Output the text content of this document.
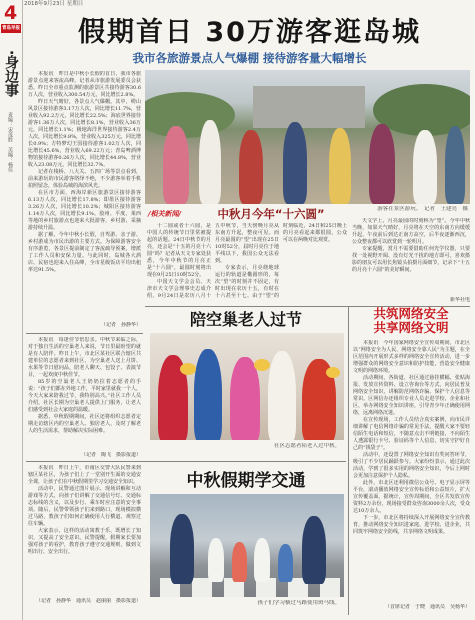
2018年9月23日 星期日
4
青岛早报
·身边事
责编：宋茂胜　美编：杨佳
假期首日 30万游客逛岛城
我市各旅游景点人气爆棚 接待游客量大幅增长

本报讯　昨日是中秋小长假的首日，我市各旅游景点迎来客流高峰。记者从市旅游发展委员会获悉，昨日全市重点监测的旅游景区共接待游客30.6万人次，营业收入300.54万元，同比增长2.8%。

昨日天气晴好，各景点人气爆棚。其中，崂山风景区接待游客3.17万人次，同比增长11.7%，营业收入92.2万元，同比增长22.5%；海底世界接待游客1.36万人次，同比增长8.1%，营业收入36万元，同比增长1.1%；极地海洋世界接待游客2.4万人次，同比增长9.8%，营业收入325万元，同比增长0.9%；方特梦幻王国接待游客1.02万人次，同比增长45.6%，营业收入69.22万元；青岛啤酒博物馆接待游客0.26万人次，同比增长44.8%，营业收入23.08万元，同比增长32.7%。

记者在栈桥、八大关、五四广场等景点看到，前来游玩的市民游客络绎不绝，不少游客举着手机拍照留念，体验岛城的海滨风光。

在区市方面，西海岸新区旅游景区接待游客6.13万人次，同比增长17.8%；即墨区接待游客3.26万人次，同比增长10.2%；城阳区接待游客1.14万人次，同比增长9.1%。胶州、平度、莱西等地的乡村旅游点也迎来大批游客，乡村游、采摘游持续升温。

据了解，今年中秋小长假，自驾游、亲子游、乡村游成为市民出游的主要方式。为保障游客安全有序游览，各景区提前制定了客流疏导预案，增派了工作人员和安保力量。与此同时，岛城各大酒店、民宿也迎来入住高峰，全市星级饭店平均出租率达91.5%。

（记者　孙静华）
游客在景区游玩。　记者　王建亮　摄
/相关新闻/	中秋月今年“十六圆”

十二圆或者十六圆，是中国人的传统节日里常被提起的话题。24日中秋节的月亮，还会是“十五的月亮十六圆”吗？记者从天文专家处获悉，今年中秋节的月亮正是“十六圆”，最圆时刻将出现在9月25日10时52分。

中国天文学会会员、天津市天文学会理事史志成介绍，9月24日是农历八月十五中秋节，当天傍晚月亮从东南方升起，整夜可见。而月亮最圆的“望”出现在25日10时52分，届时月亮位于地平线以下，我国公众无法看到。

专家表示，月亮绕地球运行的轨道是椭圆形的，每次“望”的时刻并不固定，有时出现在农历十五，有时在十六甚至十七。由于“望”的时刻临近，24日和25日晚上的月亮看起来都很圆，公众可以在两晚对比观赏。

天文学上，月亮最圆的时刻称为“望”。今年中秋当晚，如果天气晴好，月亮将在天空的东南方向缓缓升起，午夜前后到达正南方高空，后半夜逐渐西沉，公众整夜都可以欣赏到一轮明月。

专家提醒，赏月不需要借助任何光学仪器，只要找一处视野开阔、没有灯光干扰的地方即可。喜欢摄影的朋友可以用长焦镜头拍摄月面细节，记录下“十五的月亮十六圆”的美好瞬间。

新华社电
陪空巢老人过节

本报讯　每逢佳节倍思亲。中秋节来临之际，对于独自生活的空巢老人来说，节日里最盼望的就是有人陪伴。昨日上午，市北区某社区联合辖区共建单位的志愿者来到社区，为空巢老人送上月饼、水果等节日慰问品，陪老人聊天、包饺子、表演节目，一起欢度中秋佳节。

85岁的空巢老人王奶奶拉着志愿者的手说：“孩子们都在外地工作，平时家里就我一个人，今天大家来陪我过节，我特别高兴。”社区工作人员介绍，社区长期为空巢老人提供上门服务，让老人们感受到社会大家庭的温暖。

据悉，中秋假期期间，社区还将组织志愿者定期走访辖区内的空巢老人、独居老人，及时了解老人的生活需求，帮助解决实际困难。

（记者　陶飞　摄影报道）
社区志愿者陪老人过中秋。
中秋假期学交通

本报讯　昨日上午，市南区交警大队民警来到辖区某社区，为孩子们上了一堂别开生面的交通安全课，让孩子们在中秋假期里学习交通安全知识。

活动中，民警通过图片展示、现场讲解和互动游戏等方式，向孩子们讲解了交通信号灯、交通标志标线的含义，以及步行、乘车时应注意的安全事项。随后，民警带领孩子们来到路口，现场模拟横过马路，教孩子们如何正确使用人行横道、观察过往车辆。

大家表示，这样的活动寓教于乐，既增长了知识，又提高了安全意识。民警提醒，假期家长要加强对孩子的看护，教育孩子遵守交通规则，做到文明出行、安全出行。

（记者　孙静华　通讯员　赵丽丽　摄影报道）	孩子们学习横过马路使用斑马线。
共筑网络安全
共享网络文明

本报讯　今年国家网络安全宣传周期间，市北区以“网络安全为人民，网络安全靠人民”为主题，在全区范围内开展形式多样的网络安全宣传活动，进一步增强群众的网络安全意识和防护技能，营造安全健康文明的网络环境。

活动期间，各街道、社区通过悬挂横幅、张贴海报、发放宣传资料、设立咨询台等方式，向居民普及网络安全知识，讲解防范网络诈骗、保护个人信息等常识。区网信办还组织专业人员走进学校、企业和社区，举办网络安全知识讲座，引导青少年正确使用网络，远离网络沉迷。

在宣传现场，工作人员结合真实案例，向市民详细讲解了电信网络诈骗的常见手法，提醒大家不要轻信陌生电话和短信，不随意点击不明链接，不向陌生人透露银行卡号、验证码等个人信息，切实守护好自己的“钱袋子”。

活动中，还设置了网络安全知识有奖问答环节，吸引了不少居民踊跃参与。大家纷纷表示，通过此次活动，学到了很多实用的网络安全知识，今后上网时会更加注意保护个人隐私。

此外，市北区还利用微信公众号、电子显示屏等平台，滚动播放网络安全宣传标语和公益短片，扩大宣传覆盖面。据统计，宣传周期间，全区共发放宣传资料2万余份，现场接受群众咨询3000余人次，受众达10万余人。

下一步，市北区将持续深入开展网络安全宣传教育，推动网络安全知识进家庭、进学校、进企业，共同筑牢网络安全防线，共享网络文明成果。

（首席记者　于晓　通讯员　吴杨华）
